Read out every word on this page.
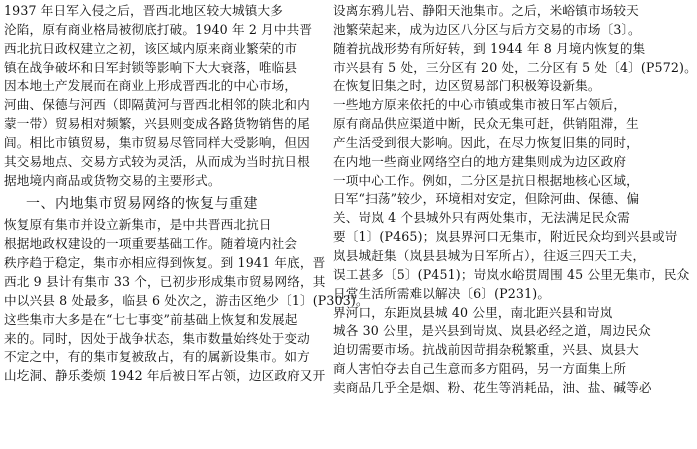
1937 年日军入侵之后，晋西北地区较大城镇大多
沦陷，原有商业格局被彻底打破。1940 年 2 月中共晋
西北抗日政权建立之初，该区域内原来商业繁荣的市
镇在战争破坏和日军封锁等影响下大大衰落，唯临县
因本地土产发展而在商业上形成晋西北的中心市场，
河曲、保德与河西（即隔黄河与晋西北相邻的陕北和内
蒙一带）贸易相对频繁，兴县则变成各路货物销售的尾
闾。相比市镇贸易，集市贸易尽管同样大受影响，但因
其交易地点、交易方式较为灵活，从而成为当时抗日根
据地境内商品或货物交易的主要形式。
一、内地集市贸易网络的恢复与重建
恢复原有集市并设立新集市，是中共晋西北抗日
根据地政权建设的一项重要基础工作。随着境内社会
秩序趋于稳定，集市亦相应得到恢复。到 1941 年底，晋
西北 9 县计有集市 33 个，已初步形成集市贸易网络，其
中以兴县 8 处最多，临县 6 处次之，游击区绝少〔1〕(P303)。
这些集市大多是在“七七事变”前基础上恢复和发展起
来的。同时，因处于战争状态，集市数量始终处于变动
不定之中，有的集市复被敌占，有的属新设集市。如方
山圪洞、静乐娄烦 1942 年后被日军占领，边区政府又开
设离东鸦儿岩、静阳天池集市。之后，米峪镇市场较天
池繁荣起来，成为边区八分区与后方交易的市场〔3〕。
随着抗战形势有所好转，到 1944 年 8 月境内恢复的集
市兴县有 5 处，三分区有 20 处，二分区有 5 处〔4〕(P572)。
在恢复旧集之时，边区贸易部门积极筹设新集。
一些地方原来依托的中心市镇或集市被日军占领后，
原有商品供应渠道中断，民众无集可赶，供销阻滞，生
产生活受到很大影响。因此，在尽力恢复旧集的同时，
在内地一些商业网络空白的地方建集则成为边区政府
一项中心工作。例如，二分区是抗日根据地核心区域，
日军“扫荡”较少，环境相对安定，但除河曲、保德、偏
关、岢岚 4 个县城外只有两处集市，无法满足民众需
要〔1〕(P465)；岚县界河口无集市，附近民众均到兴县或岢
岚县城赶集（岚县县城为日军所占），往返三四天工夫，
误工甚多〔5〕(P451)；岢岚水峪贯周围 45 公里无集市，民众
日常生活所需难以解决〔6〕(P231)。
界河口，东距岚县城 40 公里，南北距兴县和岢岚
城各 30 公里，是兴县到岢岚、岚县必经之道，周边民众
迫切需要市场。抗战前因苛捐杂税繁重，兴县、岚县大
商人害怕夺去自己生意而多方阻码，另一方面集上所
卖商品几乎全是烟、粉、花生等消耗品，油、盐、碱等必
